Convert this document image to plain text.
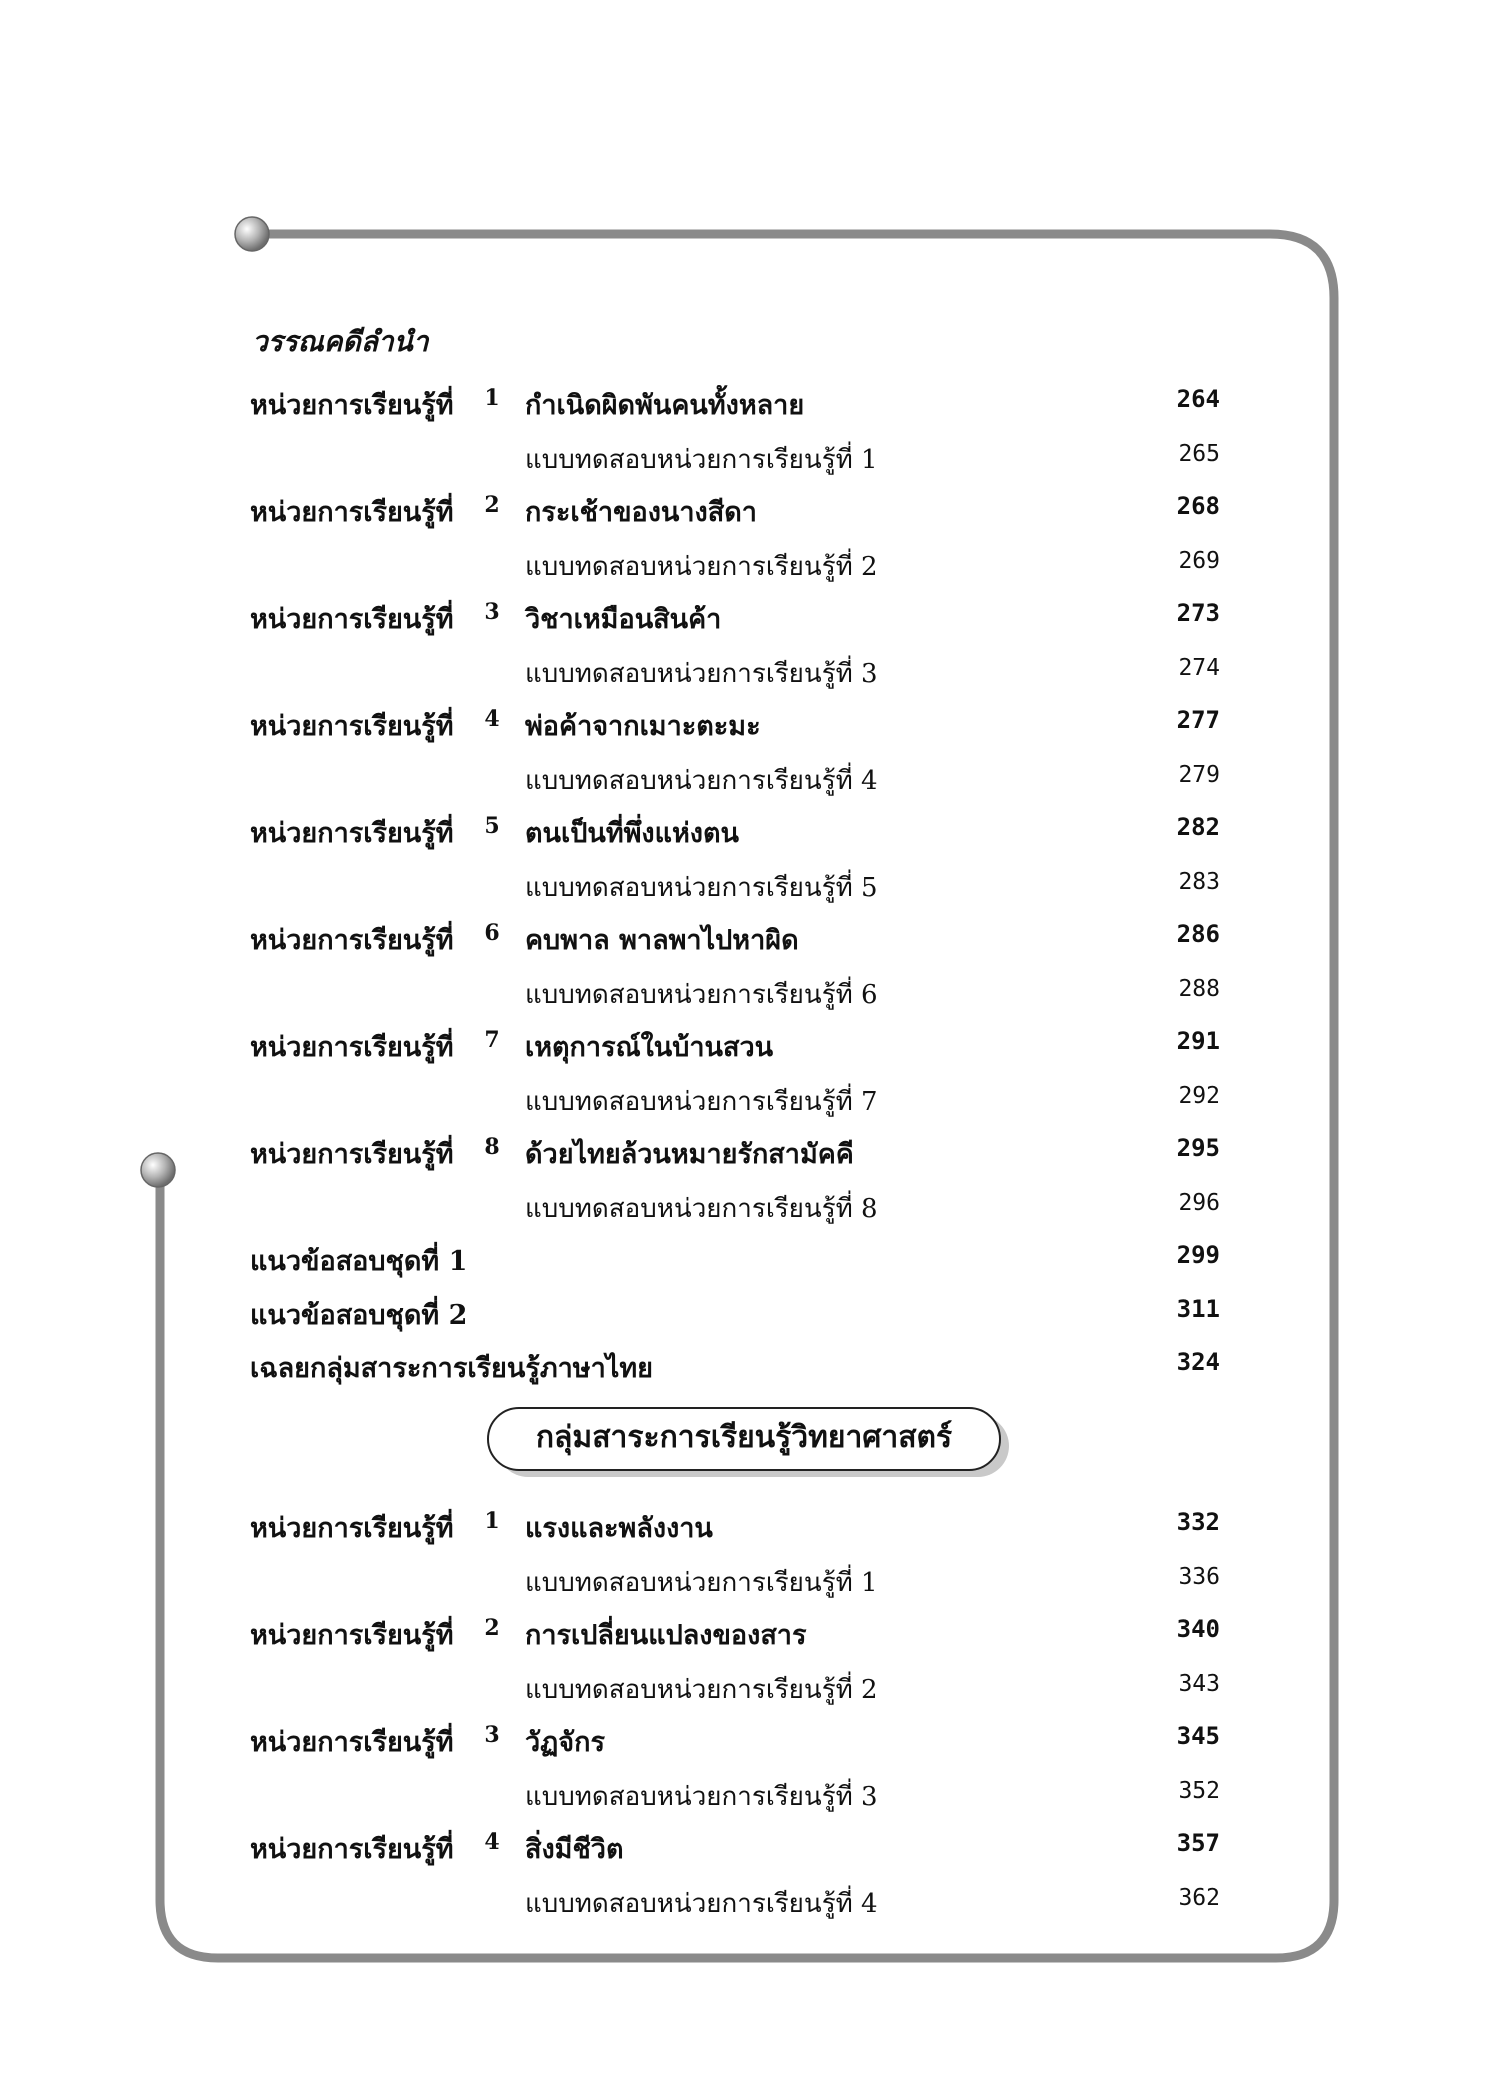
วรรณคดีลำนำ
หน่วยการเรียนรู้ที่ 1 กำเนิดผิดพันคนทั้งหลาย	264
แบบทดสอบหน่วยการเรียนรู้ที่ 1	265
หน่วยการเรียนรู้ที่ 2 กระเช้าของนางสีดา	268
แบบทดสอบหน่วยการเรียนรู้ที่ 2	269
หน่วยการเรียนรู้ที่ 3 วิชาเหมือนสินค้า	273
แบบทดสอบหน่วยการเรียนรู้ที่ 3	274
หน่วยการเรียนรู้ที่ 4 พ่อค้าจากเมาะตะมะ	277
แบบทดสอบหน่วยการเรียนรู้ที่ 4	279
หน่วยการเรียนรู้ที่ 5 ตนเป็นที่พึ่งแห่งตน	282
แบบทดสอบหน่วยการเรียนรู้ที่ 5	283
หน่วยการเรียนรู้ที่ 6 คบพาล พาลพาไปหาผิด	286
แบบทดสอบหน่วยการเรียนรู้ที่ 6	288
หน่วยการเรียนรู้ที่ 7 เหตุการณ์ในบ้านสวน	291
แบบทดสอบหน่วยการเรียนรู้ที่ 7	292
หน่วยการเรียนรู้ที่ 8 ด้วยไทยล้วนหมายรักสามัคคี	295
แบบทดสอบหน่วยการเรียนรู้ที่ 8	296
แนวข้อสอบชุดที่ 1	299
แนวข้อสอบชุดที่ 2	311
เฉลยกลุ่มสาระการเรียนรู้ภาษาไทย	324
กลุ่มสาระการเรียนรู้วิทยาศาสตร์
หน่วยการเรียนรู้ที่ 1 แรงและพลังงาน	332
แบบทดสอบหน่วยการเรียนรู้ที่ 1	336
หน่วยการเรียนรู้ที่ 2 การเปลี่ยนแปลงของสาร	340
แบบทดสอบหน่วยการเรียนรู้ที่ 2	343
หน่วยการเรียนรู้ที่ 3 วัฏจักร	345
แบบทดสอบหน่วยการเรียนรู้ที่ 3	352
หน่วยการเรียนรู้ที่ 4 สิ่งมีชีวิต	357
แบบทดสอบหน่วยการเรียนรู้ที่ 4	362
